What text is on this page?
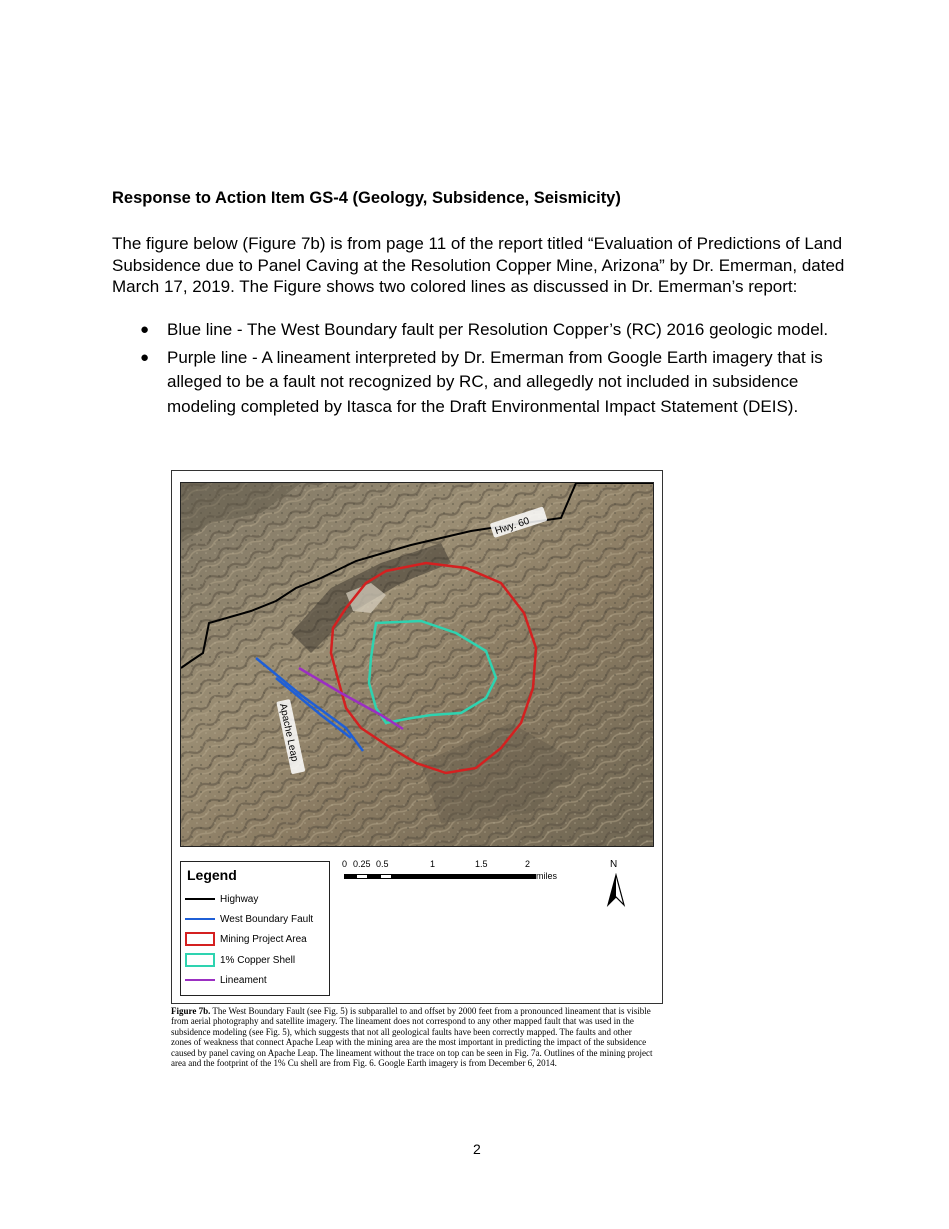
Response to Action Item GS-4 (Geology, Subsidence, Seismicity)

The figure below (Figure 7b) is from page 11 of the report titled “Evaluation of Predictions of Land Subsidence due to Panel Caving at the Resolution Copper Mine, Arizona” by Dr. Emerman, dated March 17, 2019. The Figure shows two colored lines as discussed in Dr. Emerman’s report:

● Blue line - The West Boundary fault per Resolution Copper’s (RC) 2016 geologic model.
● Purple line - A lineament interpreted by Dr. Emerman from Google Earth imagery that is alleged to be a fault not recognized by RC, and allegedly not included in subsidence modeling completed by Itasca for the Draft Environmental Impact Statement (DEIS).
Hwy. 60
Apache Leap
Legend
Highway
West Boundary Fault
Mining Project Area
1% Copper Shell
Lineament
0 0.25 0.5	1	1.5	2
miles
N

Figure 7b. The West Boundary Fault (see Fig. 5) is subparallel to and offset by 2000 feet from a pronounced lineament that is visible from aerial photography and satellite imagery. The lineament does not correspond to any other mapped fault that was used in the subsidence modeling (see Fig. 5), which suggests that not all geological faults have been correctly mapped. The faults and other zones of weakness that connect Apache Leap with the mining area are the most important in predicting the impact of the subsidence caused by panel caving on Apache Leap. The lineament without the trace on top can be seen in Fig. 7a. Outlines of the mining project area and the footprint of the 1% Cu shell are from Fig. 6. Google Earth imagery is from December 6, 2014.

2
